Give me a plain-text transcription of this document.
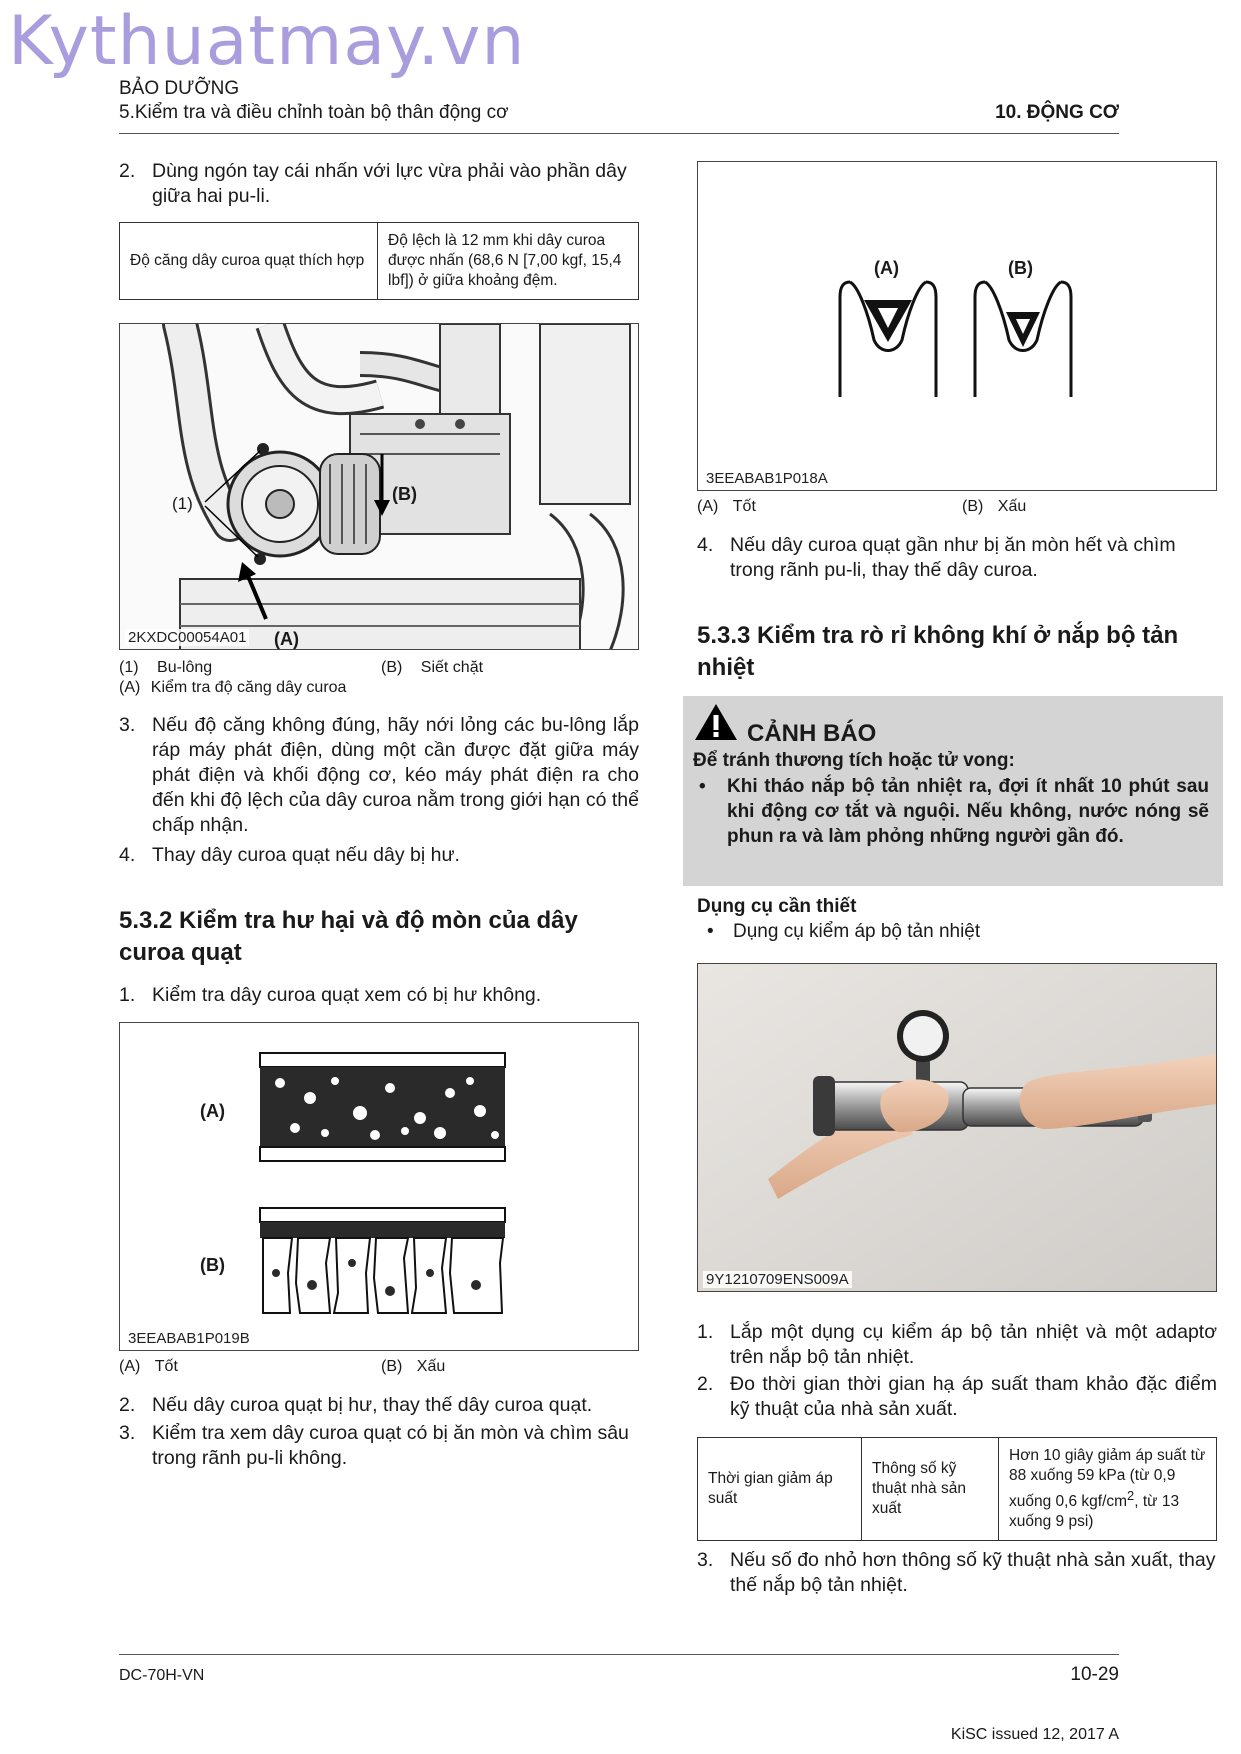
Kythuatmay.vn
BẢO DƯỠNG
5.Kiểm tra và điều chỉnh toàn bộ thân động cơ	10. ĐỘNG CƠ
2. Dùng ngón tay cái nhấn với lực vừa phải vào phần dây giữa hai pu-li.
Độ căng dây curoa quạt thích hợp	Độ lệch là 12 mm khi dây curoa được nhấn (68,6 N [7,00 kgf, 15,4 lbf]) ở giữa khoảng đệm.
(1)	(B)
(A)
2KXDC00054A01
(1) Bu-lông	(B) Siết chặt
(A) Kiểm tra độ căng dây curoa
3. Nếu độ căng không đúng, hãy nới lỏng các bu-lông lắp ráp máy phát điện, dùng một cần được đặt giữa máy phát điện và khối động cơ, kéo máy phát điện ra cho đến khi độ lệch của dây curoa nằm trong giới hạn có thể chấp nhận.
4. Thay dây curoa quạt nếu dây bị hư.
5.3.2 Kiểm tra hư hại và độ mòn của dây curoa quạt
1. Kiểm tra dây curoa quạt xem có bị hư không.
(A)
(B)
3EEABAB1P019B
(A) Tốt	(B) Xấu
2. Nếu dây curoa quạt bị hư, thay thế dây curoa quạt.
3. Kiểm tra xem dây curoa quạt có bị ăn mòn và chìm sâu trong rãnh pu-li không.
(A)	(B)
3EEABAB1P018A
(A) Tốt	(B) Xấu
4. Nếu dây curoa quạt gần như bị ăn mòn hết và chìm trong rãnh pu-li, thay thế dây curoa.
5.3.3 Kiểm tra rò rỉ không khí ở nắp bộ tản nhiệt
CẢNH BÁO
Để tránh thương tích hoặc tử vong:
• Khi tháo nắp bộ tản nhiệt ra, đợi ít nhất 10 phút sau khi động cơ tắt và nguội. Nếu không, nước nóng sẽ phun ra và làm phỏng những người gần đó.
Dụng cụ cần thiết
• Dụng cụ kiểm áp bộ tản nhiệt
9Y1210709ENS009A
1. Lắp một dụng cụ kiểm áp bộ tản nhiệt và một adaptơ trên nắp bộ tản nhiệt.
2. Đo thời gian thời gian hạ áp suất tham khảo đặc điểm kỹ thuật của nhà sản xuất.
Thời gian giảm áp suất	Thông số kỹ thuật nhà sản xuất	Hơn 10 giây giảm áp suất từ 88 xuống 59 kPa (từ 0,9 xuống 0,6 kgf/$cm^2$, từ 13 xuống 9 psi)
3. Nếu số đo nhỏ hơn thông số kỹ thuật nhà sản xuất, thay thế nắp bộ tản nhiệt.
DC-70H-VN	10-29
KiSC issued 12, 2017 A
